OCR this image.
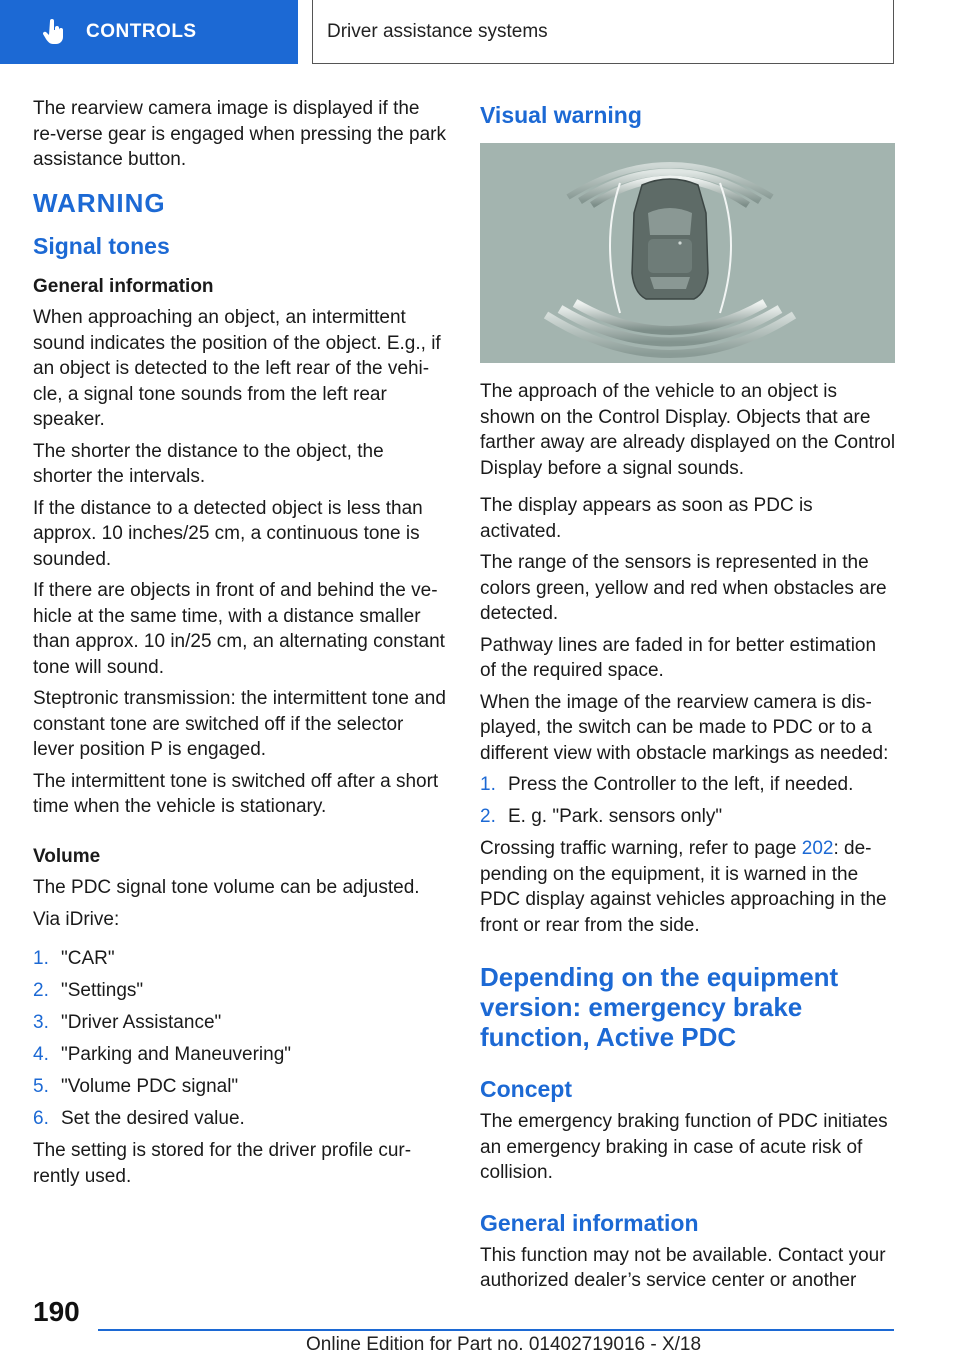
CONTROLS	Driver assistance systems

The rearview camera image is displayed if the re‐verse gear is engaged when pressing the park assistance button.

WARNING
Signal tones
General information

When approaching an object, an intermittent sound indicates the position of the object. E.g., if an object is detected to the left rear of the vehi‐cle, a signal tone sounds from the left rear speaker.

The shorter the distance to the object, the shorter the intervals.

If the distance to a detected object is less than approx. 10 inches/25 cm, a continuous tone is sounded.

If there are objects in front of and behind the ve‐hicle at the same time, with a distance smaller than approx. 10 in/25 cm, an alternating constant tone will sound.

Steptronic transmission: the intermittent tone and constant tone are switched off if the selector lever position P is engaged.

The intermittent tone is switched off after a short time when the vehicle is stationary.

Volume

The PDC signal tone volume can be adjusted.

Via iDrive:

1. "CAR"
2. "Settings"
3. "Driver Assistance"
4. "Parking and Maneuvering"
5. "Volume PDC signal"
6. Set the desired value.

The setting is stored for the driver profile cur‐rently used.

Visual warning

The approach of the vehicle to an object is shown on the Control Display. Objects that are farther away are already displayed on the Control Display before a signal sounds.

The display appears as soon as PDC is activated.

The range of the sensors is represented in the colors green, yellow and red when obstacles are detected.

Pathway lines are faded in for better estimation of the required space.

When the image of the rearview camera is dis‐played, the switch can be made to PDC or to a different view with obstacle markings as needed:

1. Press the Controller to the left, if needed.
2. E. g. "Park. sensors only"

Crossing traffic warning, refer to page 202: de‐pending on the equipment, it is warned in the PDC display against vehicles approaching in the front or rear from the side.

Depending on the equipment version: emergency brake function, Active PDC
Concept

The emergency braking function of PDC initiates an emergency braking in case of acute risk of collision.

General information

This function may not be available. Contact your authorized dealer’s service center or another

190
Online Edition for Part no. 01402719016 - X/18
